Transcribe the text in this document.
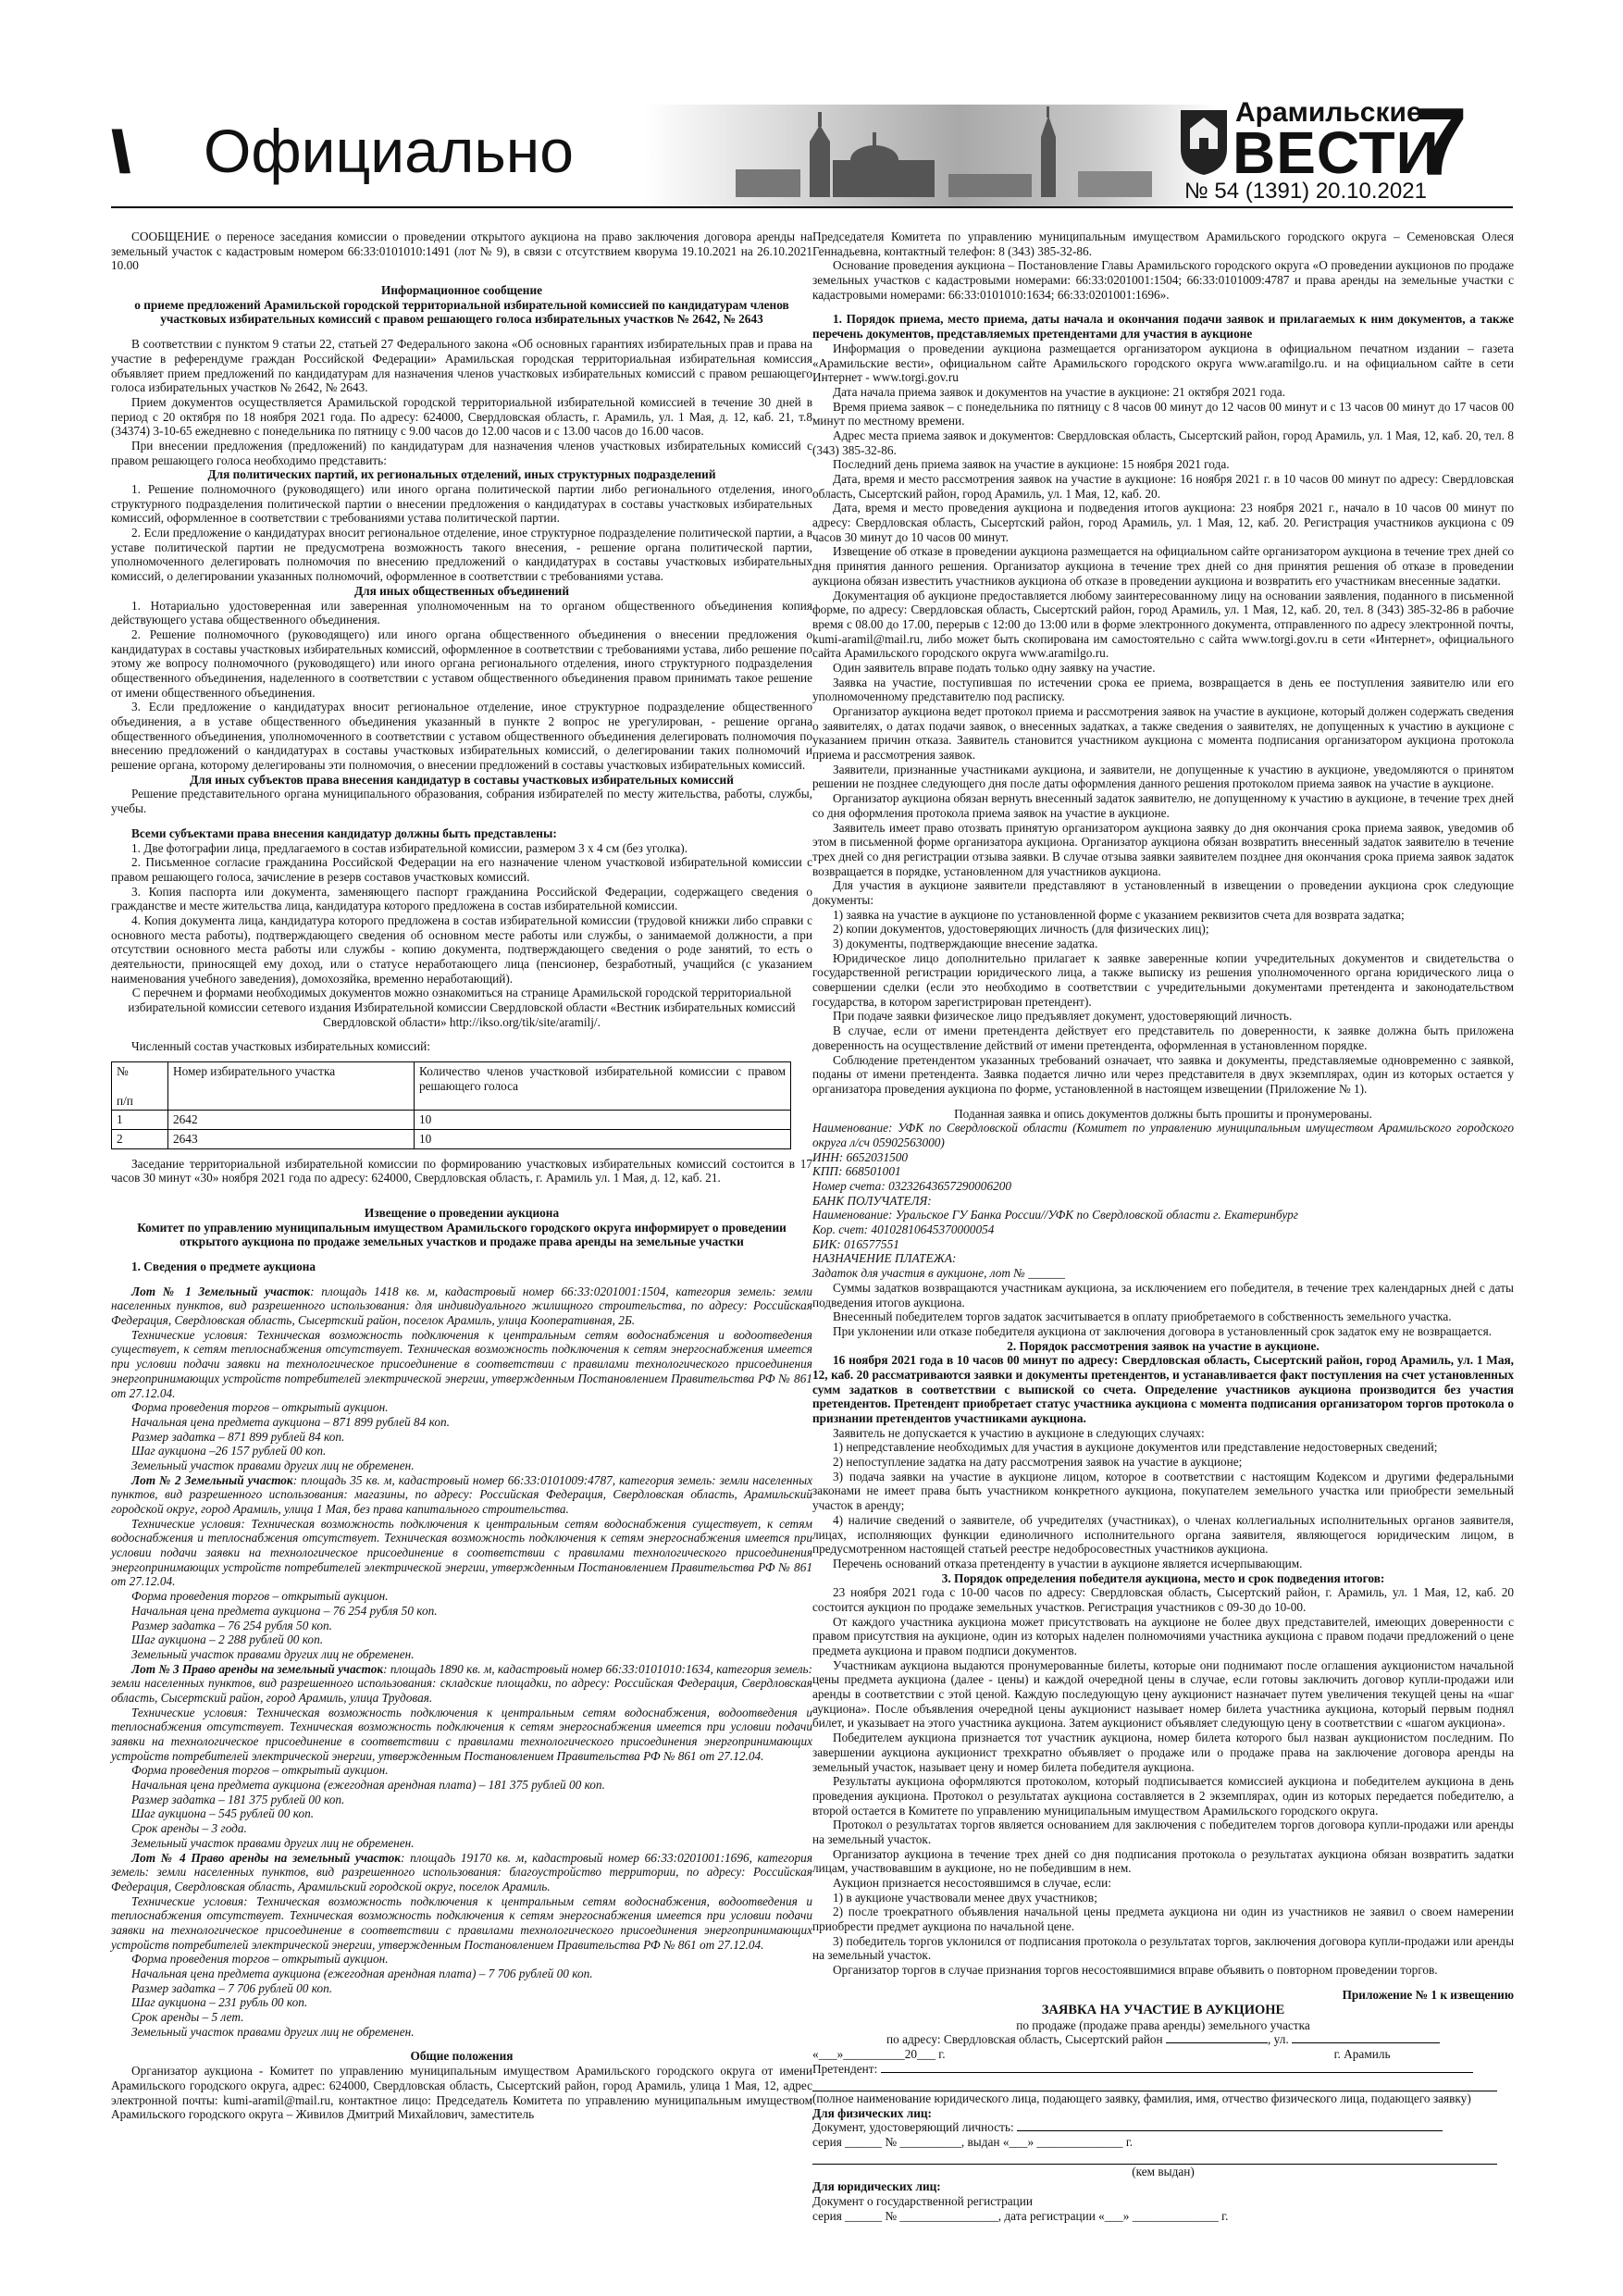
\\ Официально
Арамильские
ВЕСТИ
7
№ 54 (1391) 20.10.2021

СООБЩЕНИЕ о переносе заседания комиссии о проведении открытого аукциона на право заключения договора аренды на земельный участок с кадастровым номером 66:33:0101010:1491 (лот № 9), в связи с отсутствием кворума 19.10.2021 на 26.10.2021 10.00

Информационное сообщение

о приеме предложений Арамильской городской территориальной избирательной комиссией по кандидатурам членов участковых избирательных комиссий с правом решающего голоса избирательных участков № 2642, № 2643

В соответствии с пунктом 9 статьи 22, статьей 27 Федерального закона «Об основных гарантиях избирательных прав и права на участие в референдуме граждан Российской Федерации» Арамильская городская территориальная избирательная комиссия объявляет прием предложений по кандидатурам для назначения членов участковых избирательных комиссий с правом решающего голоса избирательных участков № 2642, № 2643.

Прием документов осуществляется Арамильской городской территориальной избирательной комиссией в течение 30 дней в период с 20 октября по 18 ноября 2021 года. По адресу: 624000, Свердловская область, г. Арамиль, ул. 1 Мая, д. 12, каб. 21, т.8 (34374) 3-10-65 ежедневно с понедельника по пятницу с 9.00 часов до 12.00 часов и с 13.00 часов до 16.00 часов.

При внесении предложения (предложений) по кандидатурам для назначения членов участковых избирательных комиссий с правом решающего голоса необходимо представить:

Для политических партий, их региональных отделений, иных структурных подразделений

1. Решение полномочного (руководящего) или иного органа политической партии либо регионального отделения, иного структурного подразделения политической партии о внесении предложения о кандидатурах в составы участковых избирательных комиссий, оформленное в соответствии с требованиями устава политической партии.

2. Если предложение о кандидатурах вносит региональное отделение, иное структурное подразделение политической партии, а в уставе политической партии не предусмотрена возможность такого внесения, - решение органа политической партии, уполномоченного делегировать полномочия по внесению предложений о кандидатурах в составы участковых избирательных комиссий, о делегировании указанных полномочий, оформленное в соответствии с требованиями устава.

Для иных общественных объединений

1. Нотариально удостоверенная или заверенная уполномоченным на то органом общественного объединения копия действующего устава общественного объединения.

2. Решение полномочного (руководящего) или иного органа общественного объединения о внесении предложения о кандидатурах в составы участковых избирательных комиссий, оформленное в соответствии с требованиями устава, либо решение по этому же вопросу полномочного (руководящего) или иного органа регионального отделения, иного структурного подразделения общественного объединения, наделенного в соответствии с уставом общественного объединения правом принимать такое решение от имени общественного объединения.

3. Если предложение о кандидатурах вносит региональное отделение, иное структурное подразделение общественного объединения, а в уставе общественного объединения указанный в пункте 2 вопрос не урегулирован, - решение органа общественного объединения, уполномоченного в соответствии с уставом общественного объединения делегировать полномочия по внесению предложений о кандидатурах в составы участковых избирательных комиссий, о делегировании таких полномочий и решение органа, которому делегированы эти полномочия, о внесении предложений в составы участковых избирательных комиссий.

Для иных субъектов права внесения кандидатур в составы участковых избирательных комиссий

Решение представительного органа муниципального образования, собрания избирателей по месту жительства, работы, службы, учебы.

Всеми субъектами права внесения кандидатур должны быть представлены:

1. Две фотографии лица, предлагаемого в состав избирательной комиссии, размером 3 х 4 см (без уголка).

2. Письменное согласие гражданина Российской Федерации на его назначение членом участковой избирательной комиссии с правом решающего голоса, зачисление в резерв составов участковых комиссий.

3. Копия паспорта или документа, заменяющего паспорт гражданина Российской Федерации, содержащего сведения о гражданстве и месте жительства лица, кандидатура которого предложена в состав избирательной комиссии.

4. Копия документа лица, кандидатура которого предложена в состав избирательной комиссии (трудовой книжки либо справки с основного места работы), подтверждающего сведения об основном месте работы или службы, о занимаемой должности, а при отсутствии основного места работы или службы - копию документа, подтверждающего сведения о роде занятий, то есть о деятельности, приносящей ему доход, или о статусе неработающего лица (пенсионер, безработный, учащийся (с указанием наименования учебного заведения), домохозяйка, временно неработающий).

С перечнем и формами необходимых документов можно ознакомиться на странице Арамильской городской территориальной избирательной комиссии сетевого издания Избирательной комиссии Свердловской области «Вестник избирательных комиссий Свердловской области» http://ikso.org/tik/site/aramilj/.

Численный состав участковых избирательных комиссий:

№

п/п	Номер избирательного участка	Количество членов участковой избирательной комиссии с правом решающего голоса
1	2642	10
2	2643	10

Заседание территориальной избирательной комиссии по формированию участковых избирательных комиссий состоится в 17 часов 30 минут «30» ноября 2021 года по адресу: 624000, Свердловская область, г. Арамиль ул. 1 Мая, д. 12, каб. 21.

Извещение о проведении аукциона

Комитет по управлению муниципальным имуществом Арамильского городского округа информирует о проведении открытого аукциона по продаже земельных участков и продаже права аренды на земельные участки

1. Сведения о предмете аукциона

Лот № 1 Земельный участок: площадь 1418 кв. м, кадастровый номер 66:33:0201001:1504, категория земель: земли населенных пунктов, вид разрешенного использования: для индивидуального жилищного строительства, по адресу: Российская Федерация, Свердловская область, Сысертский район, поселок Арамиль, улица Кооперативная, 2Б.

Технические условия: Техническая возможность подключения к центральным сетям водоснабжения и водоотведения существует, к сетям теплоснабжения отсутствует. Техническая возможность подключения к сетям энергоснабжения имеется при условии подачи заявки на технологическое присоединение в соответствии с правилами технологического присоединения энергопринимающих устройств потребителей электрической энергии, утвержденным Постановлением Правительства РФ № 861 от 27.12.04.

Форма проведения торгов – открытый аукцион.

Начальная цена предмета аукциона – 871 899 рублей 84 коп.

Размер задатка – 871 899 рублей 84 коп.

Шаг аукциона –26 157 рублей 00 коп.

Земельный участок правами других лиц не обременен.

Лот № 2 Земельный участок: площадь 35 кв. м, кадастровый номер 66:33:0101009:4787, категория земель: земли населенных пунктов, вид разрешенного использования: магазины, по адресу: Российская Федерация, Свердловская область, Арамильский городской округ, город Арамиль, улица 1 Мая, без права капитального строительства.

Технические условия: Техническая возможность подключения к центральным сетям водоснабжения существует, к сетям водоснабжения и теплоснабжения отсутствует. Техническая возможность подключения к сетям энергоснабжения имеется при условии подачи заявки на технологическое присоединение в соответствии с правилами технологического присоединения энергопринимающих устройств потребителей электрической энергии, утвержденным Постановлением Правительства РФ № 861 от 27.12.04.

Форма проведения торгов – открытый аукцион.

Начальная цена предмета аукциона – 76 254 рубля 50 коп.

Размер задатка – 76 254 рубля 50 коп.

Шаг аукциона – 2 288 рублей 00 коп.

Земельный участок правами других лиц не обременен.

Лот № 3 Право аренды на земельный участок: площадь 1890 кв. м, кадастровый номер 66:33:0101010:1634, категория земель: земли населенных пунктов, вид разрешенного использования: складские площадки, по адресу: Российская Федерация, Свердловская область, Сысертский район, город Арамиль, улица Трудовая.

Технические условия: Техническая возможность подключения к центральным сетям водоснабжения, водоотведения и теплоснабжения отсутствует. Техническая возможность подключения к сетям энергоснабжения имеется при условии подачи заявки на технологическое присоединение в соответствии с правилами технологического присоединения энергопринимающих устройств потребителей электрической энергии, утвержденным Постановлением Правительства РФ № 861 от 27.12.04.

Форма проведения торгов – открытый аукцион.

Начальная цена предмета аукциона (ежегодная арендная плата) – 181 375 рублей 00 коп.

Размер задатка – 181 375 рублей 00 коп.

Шаг аукциона – 545 рублей 00 коп.

Срок аренды – 3 года.

Земельный участок правами других лиц не обременен.

Лот № 4 Право аренды на земельный участок: площадь 19170 кв. м, кадастровый номер 66:33:0201001:1696, категория земель: земли населенных пунктов, вид разрешенного использования: благоустройство территории, по адресу: Российская Федерация, Свердловская область, Арамильский городской округ, поселок Арамиль.

Технические условия: Техническая возможность подключения к центральным сетям водоснабжения, водоотведения и теплоснабжения отсутствует. Техническая возможность подключения к сетям энергоснабжения имеется при условии подачи заявки на технологическое присоединение в соответствии с правилами технологического присоединения энергопринимающих устройств потребителей электрической энергии, утвержденным Постановлением Правительства РФ № 861 от 27.12.04.

Форма проведения торгов – открытый аукцион.

Начальная цена предмета аукциона (ежегодная арендная плата) – 7 706 рублей 00 коп.

Размер задатка – 7 706 рублей 00 коп.

Шаг аукциона – 231 рубль 00 коп.

Срок аренды – 5 лет.

Земельный участок правами других лиц не обременен.

Общие положения

Организатор аукциона - Комитет по управлению муниципальным имуществом Арамильского городского округа от имени Арамильского городского округа, адрес: 624000, Свердловская область, Сысертский район, город Арамиль, улица 1 Мая, 12, адрес электронной почты: kumi-aramil@mail.ru, контактное лицо: Председатель Комитета по управлению муниципальным имуществом Арамильского городского округа – Живилов Дмитрий Михайлович, заместитель

Председателя Комитета по управлению муниципальным имуществом Арамильского городского округа – Семеновская Олеся Геннадьевна, контактный телефон: 8 (343) 385-32-86.

Основание проведения аукциона – Постановление Главы Арамильского городского округа «О проведении аукционов по продаже земельных участков с кадастровыми номерами: 66:33:0201001:1504; 66:33:0101009:4787 и права аренды на земельные участки с кадастровыми номерами: 66:33:0101010:1634; 66:33:0201001:1696».

1. Порядок приема, место приема, даты начала и окончания подачи заявок и прилагаемых к ним документов, а также перечень документов, представляемых претендентами для участия в аукционе

Информация о проведении аукциона размещается организатором аукциона в официальном печатном издании – газета «Арамильские вести», официальном сайте Арамильского городского округа www.aramilgo.ru. и на официальном сайте в сети Интернет - www.torgi.gov.ru

Дата начала приема заявок и документов на участие в аукционе: 21 октября 2021 года.

Время приема заявок – с понедельника по пятницу с 8 часов 00 минут до 12 часов 00 минут и с 13 часов 00 минут до 17 часов 00 минут по местному времени.

Адрес места приема заявок и документов: Свердловская область, Сысертский район, город Арамиль, ул. 1 Мая, 12, каб. 20, тел. 8 (343) 385-32-86.

Последний день приема заявок на участие в аукционе: 15 ноября 2021 года.

Дата, время и место рассмотрения заявок на участие в аукционе: 16 ноября 2021 г. в 10 часов 00 минут по адресу: Свердловская область, Сысертский район, город Арамиль, ул. 1 Мая, 12, каб. 20.

Дата, время и место проведения аукциона и подведения итогов аукциона: 23 ноября 2021 г., начало в 10 часов 00 минут по адресу: Свердловская область, Сысертский район, город Арамиль, ул. 1 Мая, 12, каб. 20. Регистрация участников аукциона с 09 часов 30 минут до 10 часов 00 минут.

Извещение об отказе в проведении аукциона размещается на официальном сайте организатором аукциона в течение трех дней со дня принятия данного решения. Организатор аукциона в течение трех дней со дня принятия решения об отказе в проведении аукциона обязан известить участников аукциона об отказе в проведении аукциона и возвратить его участникам внесенные задатки.

Документация об аукционе предоставляется любому заинтересованному лицу на основании заявления, поданного в письменной форме, по адресу: Свердловская область, Сысертский район, город Арамиль, ул. 1 Мая, 12, каб. 20, тел. 8 (343) 385-32-86 в рабочие время с 08.00 до 17.00, перерыв с 12:00 до 13:00 или в форме электронного документа, отправленного по адресу электронной почты, kumi-aramil@mail.ru, либо может быть скопирована им самостоятельно с сайта www.torgi.gov.ru в сети «Интернет», официального сайта Арамильского городского округа www.aramilgo.ru.

Один заявитель вправе подать только одну заявку на участие.

Заявка на участие, поступившая по истечении срока ее приема, возвращается в день ее поступления заявителю или его уполномоченному представителю под расписку.

Организатор аукциона ведет протокол приема и рассмотрения заявок на участие в аукционе, который должен содержать сведения о заявителях, о датах подачи заявок, о внесенных задатках, а также сведения о заявителях, не допущенных к участию в аукционе с указанием причин отказа. Заявитель становится участником аукциона с момента подписания организатором аукциона протокола приема и рассмотрения заявок.

Заявители, признанные участниками аукциона, и заявители, не допущенные к участию в аукционе, уведомляются о принятом решении не позднее следующего дня после даты оформления данного решения протоколом приема заявок на участие в аукционе.

Организатор аукциона обязан вернуть внесенный задаток заявителю, не допущенному к участию в аукционе, в течение трех дней со дня оформления протокола приема заявок на участие в аукционе.

Заявитель имеет право отозвать принятую организатором аукциона заявку до дня окончания срока приема заявок, уведомив об этом в письменной форме организатора аукциона. Организатор аукциона обязан возвратить внесенный задаток заявителю в течение трех дней со дня регистрации отзыва заявки. В случае отзыва заявки заявителем позднее дня окончания срока приема заявок задаток возвращается в порядке, установленном для участников аукциона.

Для участия в аукционе заявители представляют в установленный в извещении о проведении аукциона срок следующие документы:

1) заявка на участие в аукционе по установленной форме с указанием реквизитов счета для возврата задатка;

2) копии документов, удостоверяющих личность (для физических лиц);

3) документы, подтверждающие внесение задатка.

Юридическое лицо дополнительно прилагает к заявке заверенные копии учредительных документов и свидетельства о государственной регистрации юридического лица, а также выписку из решения уполномоченного органа юридического лица о совершении сделки (если это необходимо в соответствии с учредительными документами претендента и законодательством государства, в котором зарегистрирован претендент).

При подаче заявки физическое лицо предъявляет документ, удостоверяющий личность.

В случае, если от имени претендента действует его представитель по доверенности, к заявке должна быть приложена доверенность на осуществление действий от имени претендента, оформленная в установленном порядке.

Соблюдение претендентом указанных требований означает, что заявка и документы, представляемые одновременно с заявкой, поданы от имени претендента. Заявка подается лично или через представителя в двух экземплярах, один из которых остается у организатора проведения аукциона по форме, установленной в настоящем извещении (Приложение № 1).

Поданная заявка и опись документов должны быть прошиты и пронумерованы.

Наименование: УФК по Свердловской области (Комитет по управлению муниципальным имуществом Арамильского городского округа л/сч 05902563000)

ИНН: 6652031500

КПП: 668501001

Номер счета: 03232643657290006200

БАНК ПОЛУЧАТЕЛЯ:

Наименование: Уральское ГУ Банка России//УФК по Свердловской области г. Екатеринбург

Кор. счет: 40102810645370000054

БИК: 016577551

НАЗНАЧЕНИЕ ПЛАТЕЖА:

Задаток для участия в аукционе, лот № ______

Суммы задатков возвращаются участникам аукциона, за исключением его победителя, в течение трех календарных дней с даты подведения итогов аукциона.

Внесенный победителем торгов задаток засчитывается в оплату приобретаемого в собственность земельного участка.

При уклонении или отказе победителя аукциона от заключения договора в установленный срок задаток ему не возвращается.

2. Порядок рассмотрения заявок на участие в аукционе.

16 ноября 2021 года в 10 часов 00 минут по адресу: Свердловская область, Сысертский район, город Арамиль, ул. 1 Мая, 12, каб. 20 рассматриваются заявки и документы претендентов, и устанавливается факт поступления на счет установленных сумм задатков в соответствии с выпиской со счета. Определение участников аукциона производится без участия претендентов. Претендент приобретает статус участника аукциона с момента подписания организатором торгов протокола о признании претендентов участниками аукциона.

Заявитель не допускается к участию в аукционе в следующих случаях:

1) непредставление необходимых для участия в аукционе документов или представление недостоверных сведений;

2) непоступление задатка на дату рассмотрения заявок на участие в аукционе;

3) подача заявки на участие в аукционе лицом, которое в соответствии с настоящим Кодексом и другими федеральными законами не имеет права быть участником конкретного аукциона, покупателем земельного участка или приобрести земельный участок в аренду;

4) наличие сведений о заявителе, об учредителях (участниках), о членах коллегиальных исполнительных органов заявителя, лицах, исполняющих функции единоличного исполнительного органа заявителя, являющегося юридическим лицом, в предусмотренном настоящей статьей реестре недобросовестных участников аукциона.

Перечень оснований отказа претенденту в участии в аукционе является исчерпывающим.

3. Порядок определения победителя аукциона, место и срок подведения итогов:

23 ноября 2021 года с 10-00 часов по адресу: Свердловская область, Сысертский район, г. Арамиль, ул. 1 Мая, 12, каб. 20 состоится аукцион по продаже земельных участков. Регистрация участников с 09-30 до 10-00.

От каждого участника аукциона может присутствовать на аукционе не более двух представителей, имеющих доверенности с правом присутствия на аукционе, один из которых наделен полномочиями участника аукциона с правом подачи предложений о цене предмета аукциона и правом подписи документов.

Участникам аукциона выдаются пронумерованные билеты, которые они поднимают после оглашения аукционистом начальной цены предмета аукциона (далее - цены) и каждой очередной цены в случае, если готовы заключить договор купли-продажи или аренды в соответствии с этой ценой. Каждую последующую цену аукционист назначает путем увеличения текущей цены на «шаг аукциона». После объявления очередной цены аукционист называет номер билета участника аукциона, который первым поднял билет, и указывает на этого участника аукциона. Затем аукционист объявляет следующую цену в соответствии с «шагом аукциона».

Победителем аукциона признается тот участник аукциона, номер билета которого был назван аукционистом последним. По завершении аукциона аукционист трехкратно объявляет о продаже или о продаже права на заключение договора аренды на земельный участок, называет цену и номер билета победителя аукциона.

Результаты аукциона оформляются протоколом, который подписывается комиссией аукциона и победителем аукциона в день проведения аукциона. Протокол о результатах аукциона составляется в 2 экземплярах, один из которых передается победителю, а второй остается в Комитете по управлению муниципальным имуществом Арамильского городского округа.

Протокол о результатах торгов является основанием для заключения с победителем торгов договора купли-продажи или аренды на земельный участок.

Организатор аукциона в течение трех дней со дня подписания протокола о результатах аукциона обязан возвратить задатки лицам, участвовавшим в аукционе, но не победившим в нем.

Аукцион признается несостоявшимся в случае, если:

1) в аукционе участвовали менее двух участников;

2) после троекратного объявления начальной цены предмета аукциона ни один из участников не заявил о своем намерении приобрести предмет аукциона по начальной цене.

3) победитель торгов уклонился от подписания протокола о результатах торгов, заключения договора купли-продажи или аренды на земельный участок.

Организатор торгов в случае признания торгов несостоявшимися вправе объявить о повторном проведении торгов.

Приложение № 1 к извещению

ЗАЯВКА НА УЧАСТИЕ В АУКЦИОНЕ

по продаже (продаже права аренды) земельного участка

по адресу: Свердловская область, Сысертский район	, ул.

«___»__________20___ г.	г. Арамиль

Претендент:

(полное наименование юридического лица, подающего заявку, фамилия, имя, отчество физического лица, подающего заявку)

Для физических лиц:

Документ, удостоверяющий личность:

серия ______ № __________, выдан «___» ______________ г.

(кем выдан)

Для юридических лиц:

Документ о государственной регистрации

серия ______ № ________________, дата регистрации «___» ______________ г.
